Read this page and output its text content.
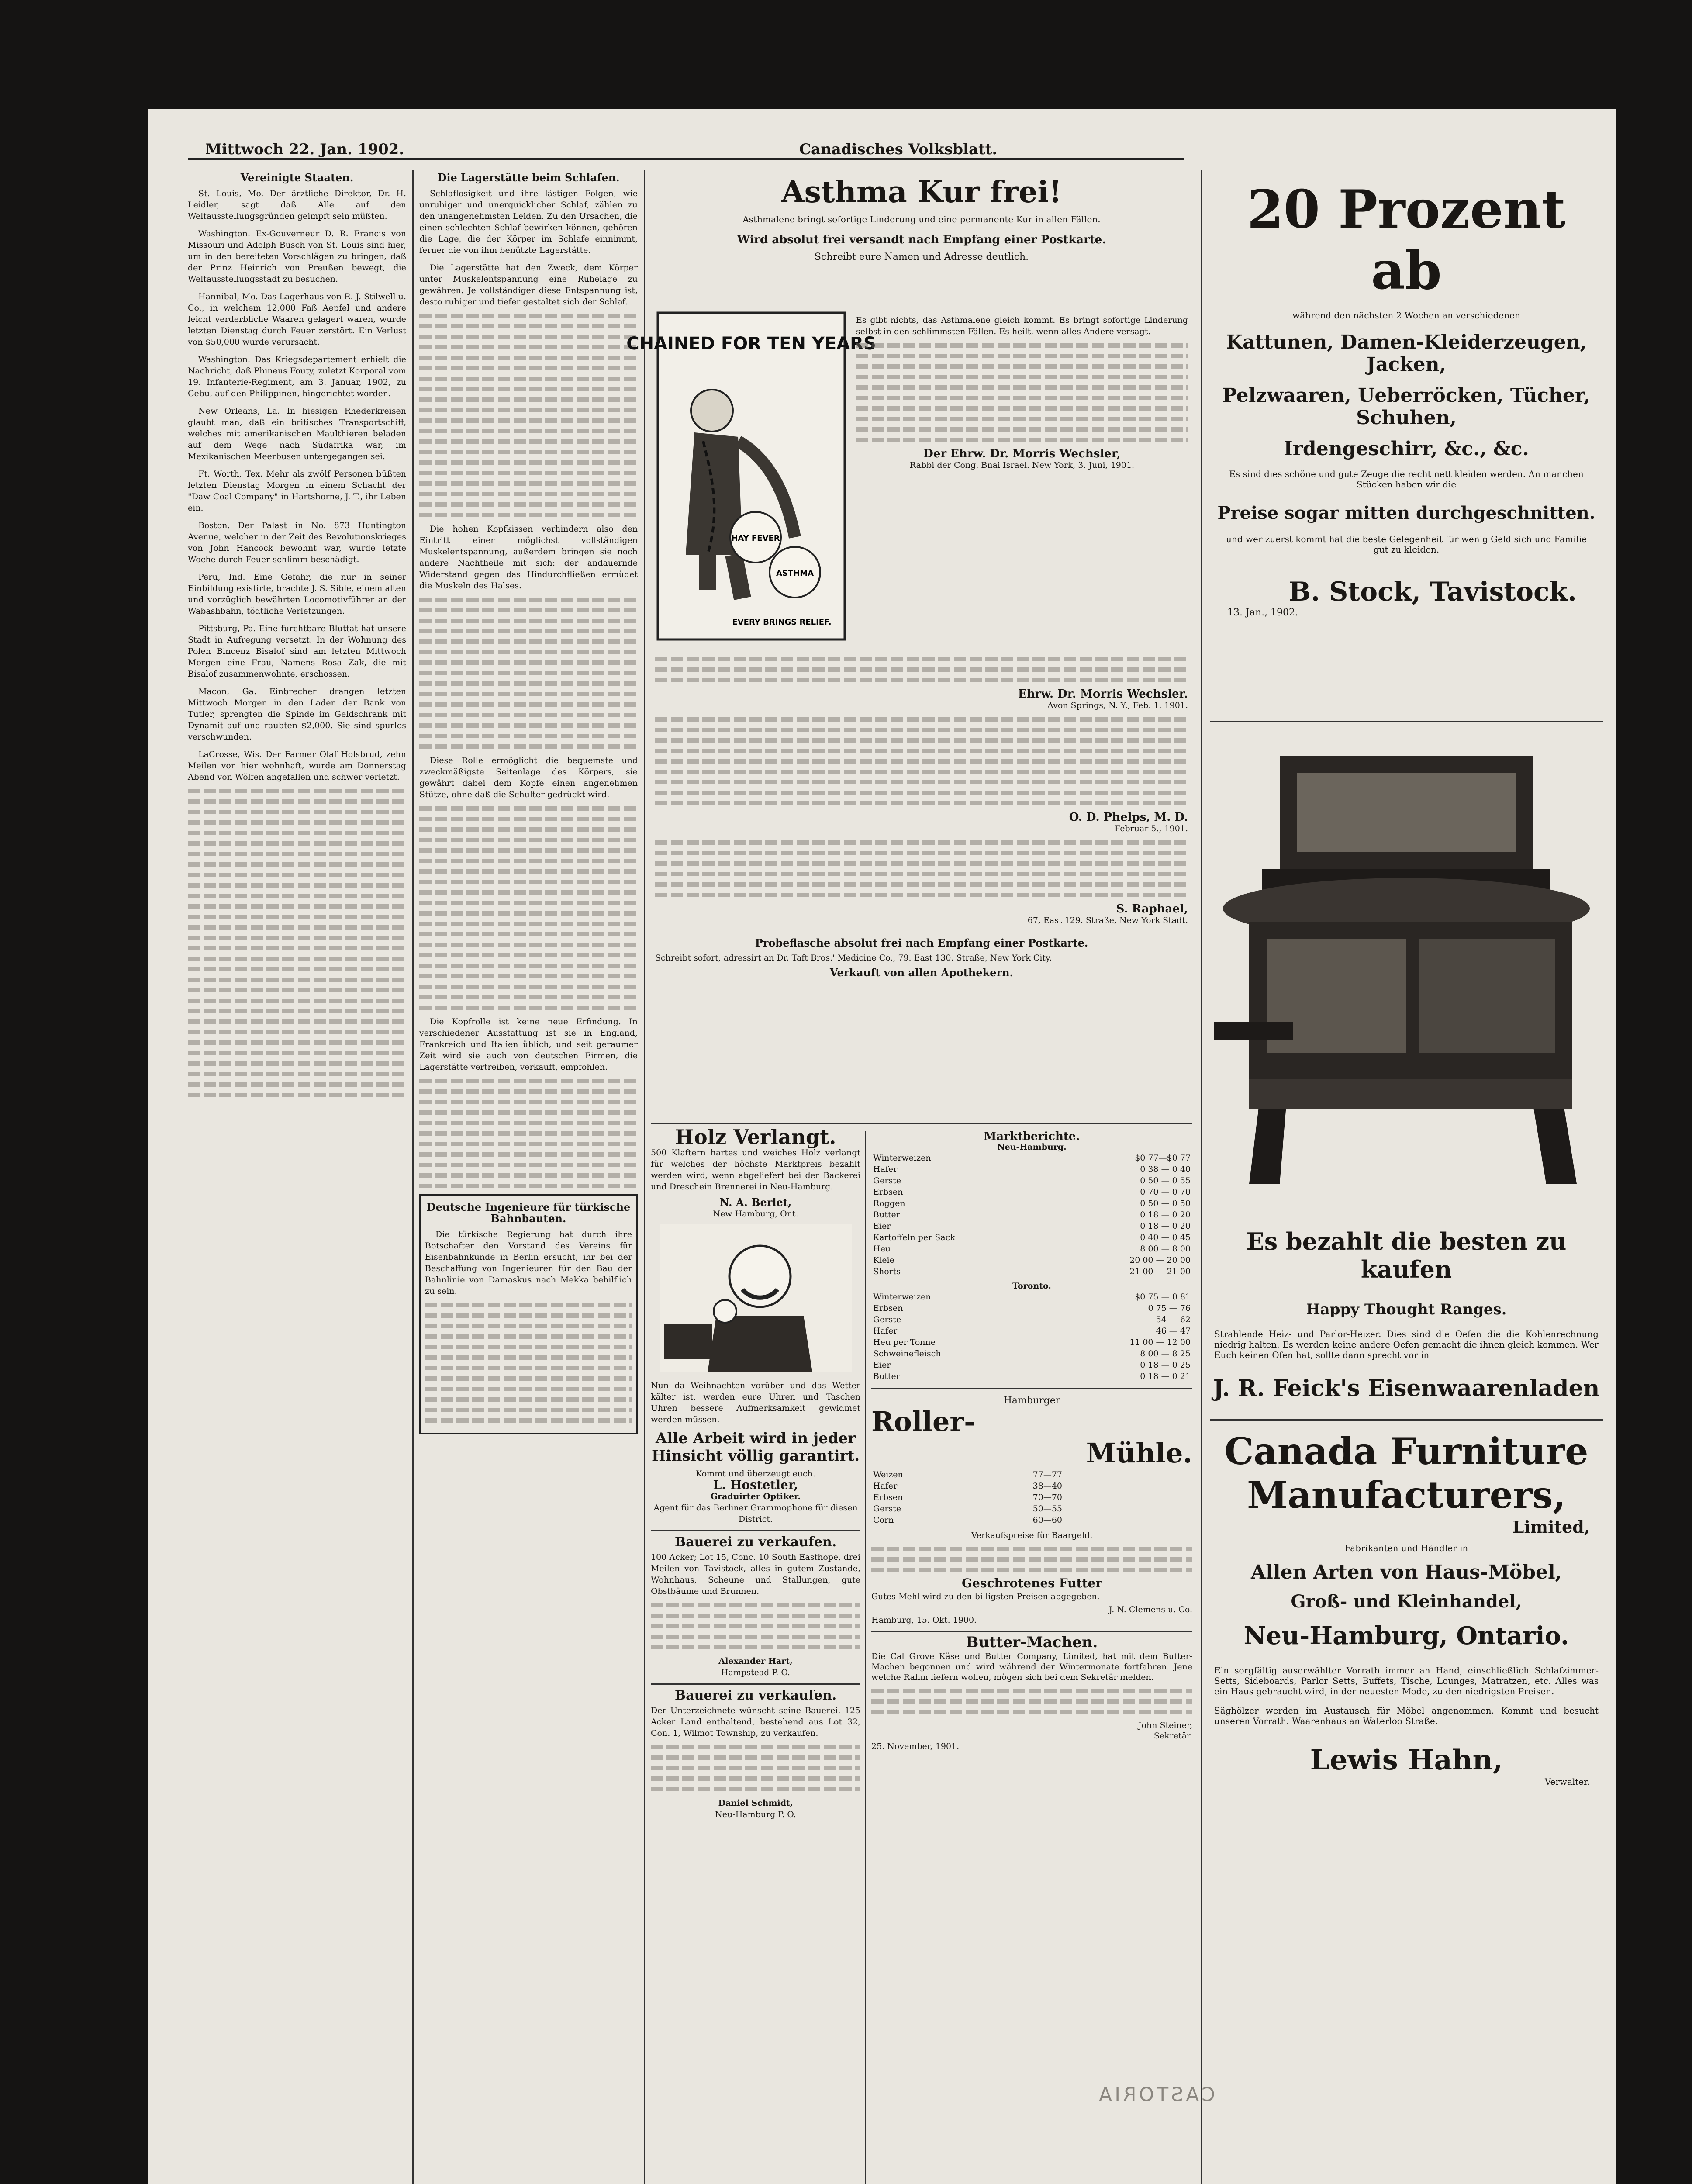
Mittwoch 22. Jan. 1902.	Canadisches Volksblatt.
Vereinigte Staaten.

St. Louis, Mo. Der ärztliche Direktor, Dr. H. Leidler, sagt daß Alle auf den Weltausstellungsgründen geimpft sein müßten.

Washington. Ex-Gouverneur D. R. Francis von Missouri und Adolph Busch von St. Louis sind hier, um in den bereiteten Vorschlägen zu bringen, daß der Prinz Heinrich von Preußen bewegt, die Weltausstellungsstadt zu besuchen.

Hannibal, Mo. Das Lagerhaus von R. J. Stilwell u. Co., in welchem 12,000 Faß Aepfel und andere leicht verderbliche Waaren gelagert waren, wurde letzten Dienstag durch Feuer zerstört. Ein Verlust von $50,000 wurde verursacht.

Washington. Das Kriegsdepartement erhielt die Nachricht, daß Phineus Fouty, zuletzt Korporal vom 19. Infanterie-Regiment, am 3. Januar, 1902, zu Cebu, auf den Philippinen, hingerichtet worden.

New Orleans, La. In hiesigen Rhederkreisen glaubt man, daß ein britisches Transportschiff, welches mit amerikanischen Maulthieren beladen auf dem Wege nach Südafrika war, im Mexikanischen Meerbusen untergegangen sei.

Ft. Worth, Tex. Mehr als zwölf Personen büßten letzten Dienstag Morgen in einem Schacht der "Daw Coal Company" in Hartshorne, J. T., ihr Leben ein.

Boston. Der Palast in No. 873 Huntington Avenue, welcher in der Zeit des Revolutionskrieges von John Hancock bewohnt war, wurde letzte Woche durch Feuer schlimm beschädigt.

Peru, Ind. Eine Gefahr, die nur in seiner Einbildung existirte, brachte J. S. Sible, einem alten und vorzüglich bewährten Locomotivführer an der Wabashbahn, tödtliche Verletzungen.

Pittsburg, Pa. Eine furchtbare Bluttat hat unsere Stadt in Aufregung versetzt. In der Wohnung des Polen Bincenz Bisalof sind am letzten Mittwoch Morgen eine Frau, Namens Rosa Zak, die mit Bisalof zusammenwohnte, erschossen.

Macon, Ga. Einbrecher drangen letzten Mittwoch Morgen in den Laden der Bank von Tutler, sprengten die Spinde im Geldschrank mit Dynamit auf und raubten $2,000. Sie sind spurlos verschwunden.

LaCrosse, Wis. Der Farmer Olaf Holsbrud, zehn Meilen von hier wohnhaft, wurde am Donnerstag Abend von Wölfen angefallen und schwer verletzt.

Die Lagerstätte beim Schlafen.

Schlaflosigkeit und ihre lästigen Folgen, wie unruhiger und unerquicklicher Schlaf, zählen zu den unangenehmsten Leiden. Zu den Ursachen, die einen schlechten Schlaf bewirken können, gehören die Lage, die der Körper im Schlafe einnimmt, ferner die von ihm benützte Lagerstätte.

Die Lagerstätte hat den Zweck, dem Körper unter Muskelentspannung eine Ruhelage zu gewähren. Je vollständiger diese Entspannung ist, desto ruhiger und tiefer gestaltet sich der Schlaf.

Die hohen Kopfkissen verhindern also den Eintritt einer möglichst vollständigen Muskelentspannung, außerdem bringen sie noch andere Nachtheile mit sich: der andauernde Widerstand gegen das Hindurchfließen ermüdet die Muskeln des Halses.

Diese Rolle ermöglicht die bequemste und zweckmäßigste Seitenlage des Körpers, sie gewährt dabei dem Kopfe einen angenehmen Stütze, ohne daß die Schulter gedrückt wird.

Die Kopfrolle ist keine neue Erfindung. In verschiedener Ausstattung ist sie in England, Frankreich und Italien üblich, und seit geraumer Zeit wird sie auch von deutschen Firmen, die Lagerstätte vertreiben, verkauft, empfohlen.

Deutsche Ingenieure für türkische Bahnbauten.

Die türkische Regierung hat durch ihre Botschafter den Vorstand des Vereins für Eisenbahnkunde in Berlin ersucht, ihr bei der Beschaffung von Ingenieuren für den Bau der Bahnlinie von Damaskus nach Mekka behilflich zu sein.

Asthma Kur frei!
Asthmalene bringt sofortige Linderung und eine permanente Kur in allen Fällen.
Wird absolut frei versandt nach Empfang einer Postkarte.
Schreibt eure Namen und Adresse deutlich.
CHAINED FOR TEN YEARS
HAY FEVER
ASTHMA
EVERY BRINGS RELIEF.

Es gibt nichts, das Asthmalene gleich kommt. Es bringt sofortige Linderung selbst in den schlimmsten Fällen. Es heilt, wenn alles Andere versagt.

Der Ehrw. Dr. Morris Wechsler,
Rabbi der Cong. Bnai Israel. New York, 3. Juni, 1901.
Ehrw. Dr. Morris Wechsler.
Avon Springs, N. Y., Feb. 1. 1901.
O. D. Phelps, M. D.
Februar 5., 1901.
S. Raphael,
67, East 129. Straße, New York Stadt.
Probeflasche absolut frei nach Empfang einer Postkarte.
Schreibt sofort, adressirt an Dr. Taft Bros.' Medicine Co., 79. East 130. Straße, New York City.
Verkauft von allen Apothekern.
Holz Verlangt.

500 Klaftern hartes und weiches Holz verlangt für welches der höchste Marktpreis bezahlt werden wird, wenn abgeliefert bei der Backerei und Dreschein Brennerei in Neu-Hamburg.

N. A. Berlet,
New Hamburg, Ont.

Nun da Weihnachten vorüber und das Wetter kälter ist, werden eure Uhren und Taschen Uhren bessere Aufmerksamkeit gewidmet werden müssen.

Alle Arbeit wird in jeder Hinsicht völlig garantirt.
Kommt und überzeugt euch.
L. Hostetler,
Graduirter Optiker.
Agent für das Berliner Grammophone für diesen District.
Bauerei zu verkaufen.

100 Acker; Lot 15, Conc. 10 South Easthope, drei Meilen von Tavistock, alles in gutem Zustande, Wohnhaus, Scheune und Stallungen, gute Obstbäume und Brunnen.

Alexander Hart,
Hampstead P. O.
Bauerei zu verkaufen.

Der Unterzeichnete wünscht seine Bauerei, 125 Acker Land enthaltend, bestehend aus Lot 32, Con. 1, Wilmot Township, zu verkaufen.

Daniel Schmidt,
Neu-Hamburg P. O.
Marktberichte.
Neu-Hamburg.
Winterweizen	$0 77—$0 77
Hafer	0 38 — 0 40
Gerste	0 50 — 0 55
Erbsen	0 70 — 0 70
Roggen	0 50 — 0 50
Butter	0 18 — 0 20
Eier	0 18 — 0 20
Kartoffeln per Sack	0 40 — 0 45
Heu	8 00 — 8 00
Kleie	20 00 — 20 00
Shorts	21 00 — 21 00
Toronto.
Winterweizen	$0 75 — 0 81
Erbsen	0 75 — 76
Gerste	54 — 62
Hafer	46 — 47
Heu per Tonne	11 00 — 12 00
Schweinefleisch	8 00 — 8 25
Eier	0 18 — 0 25
Butter	0 18 — 0 21
Hamburger
Roller-
Mühle.
Weizen	77—77
Hafer	38—40
Erbsen	70—70
Gerste	50—55
Corn	60—60
Verkaufspreise für Baargeld.
Geschrotenes Futter

Gutes Mehl wird zu den billigsten Preisen abgegeben.

J. N. Clemens u. Co.
Hamburg, 15. Okt. 1900.
Butter-Machen.

Die Cal Grove Käse und Butter Company, Limited, hat mit dem Butter-Machen begonnen und wird während der Wintermonate fortfahren. Jene welche Rahm liefern wollen, mögen sich bei dem Sekretär melden.

John Steiner,
Sekretär.
25. November, 1901.
20 Prozent ab
während den nächsten 2 Wochen an verschiedenen
Kattunen, Damen-Kleiderzeugen, Jacken,
Pelzwaaren, Ueberröcken, Tücher, Schuhen,
Irdengeschirr, &c., &c.
Es sind dies schöne und gute Zeuge die recht nett kleiden werden. An manchen Stücken haben wir die
Preise sogar mitten durchgeschnitten.
und wer zuerst kommt hat die beste Gelegenheit für wenig Geld sich und Familie gut zu kleiden.
B. Stock, Tavistock.
13. Jan., 1902.
Es bezahlt die besten zu kaufen
Happy Thought Ranges.
Strahlende Heiz- und Parlor-Heizer. Dies sind die Oefen die die Kohlenrechnung niedrig halten. Es werden keine andere Oefen gemacht die ihnen gleich kommen. Wer Euch keinen Ofen hat, sollte dann sprecht vor in
J. R. Feick's Eisenwaarenladen
Canada Furniture
Manufacturers,
Limited,
Fabrikanten und Händler in
Allen Arten von Haus-Möbel,
Groß- und Kleinhandel,
Neu-Hamburg, Ontario.
Ein sorgfältig auserwählter Vorrath immer an Hand, einschließlich Schlafzimmer-Setts, Sideboards, Parlor Setts, Buffets, Tische, Lounges, Matratzen, etc. Alles was ein Haus gebraucht wird, in der neuesten Mode, zu den niedrigsten Preisen.
Säghölzer werden im Austausch für Möbel angenommen. Kommt und besucht unseren Vorrath. Waarenhaus an Waterloo Straße.
Lewis Hahn,
Verwalter.
CASTORIA
